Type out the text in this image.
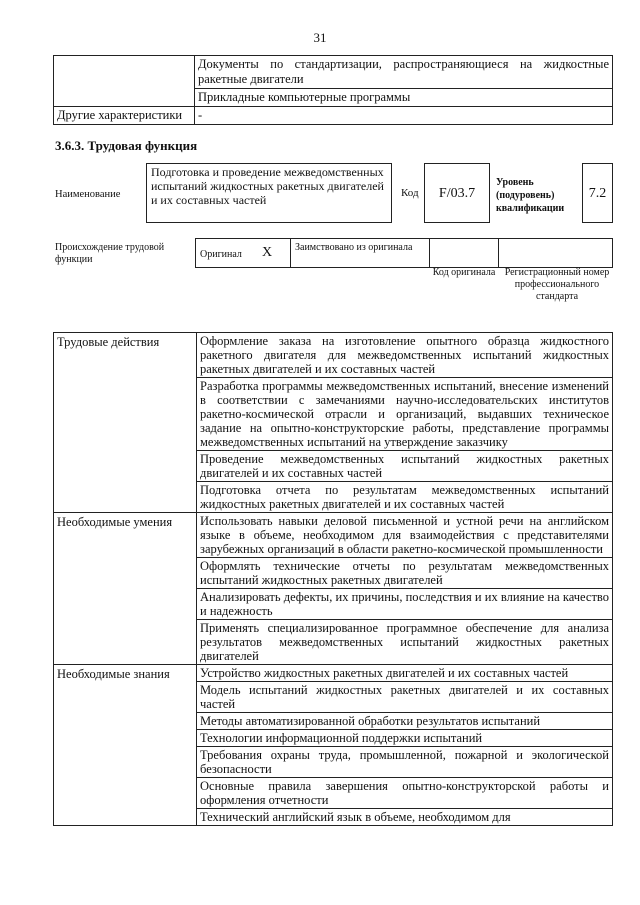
31
	Документы по стандартизации, распространяющиеся на жидкостные ракетные двигатели
	Прикладные компьютерные программы
Другие характеристики	-
3.6.3. Трудовая функция
Наименование
Подготовка и проведение межведомственных испытаний жидкостных ракетных двигателей и их составных частей	Код	F/03.7
Уровень (подуровень) квалификации
7.2
Происхождение трудовой функции	Оригинал X Заимствовано из оригинала
Код оригинала Регистрационный номер профессионального стандарта
Трудовые действия	Оформление заказа на изготовление опытного образца жидкостного ракетного двигателя для межведомственных испытаний жидкостных ракетных двигателей и их составных частей
	Разработка программы межведомственных испытаний, внесение изменений в соответствии с замечаниями научно-исследовательских институтов ракетно-космической отрасли и организаций, выдавших техническое задание на опытно-конструкторские работы, представление программы межведомственных испытаний на утверждение заказчику
	Проведение межведомственных испытаний жидкостных ракетных двигателей и их составных частей
	Подготовка отчета по результатам межведомственных испытаний жидкостных ракетных двигателей и их составных частей
Необходимые умения	Использовать навыки деловой письменной и устной речи на английском языке в объеме, необходимом для взаимодействия с представителями зарубежных организаций в области ракетно-космической промышленности
	Оформлять технические отчеты по результатам межведомственных испытаний жидкостных ракетных двигателей
	Анализировать дефекты, их причины, последствия и их влияние на качество и надежность
	Применять специализированное программное обеспечение для анализа результатов межведомственных испытаний жидкостных ракетных двигателей
Необходимые знания	Устройство жидкостных ракетных двигателей и их составных частей
	Модель испытаний жидкостных ракетных двигателей и их составных частей
	Методы автоматизированной обработки результатов испытаний
	Технологии информационной поддержки испытаний
	Требования охраны труда, промышленной, пожарной и экологической безопасности
	Основные правила завершения опытно-конструкторской работы и оформления отчетности
	Технический английский язык в объеме, необходимом для
